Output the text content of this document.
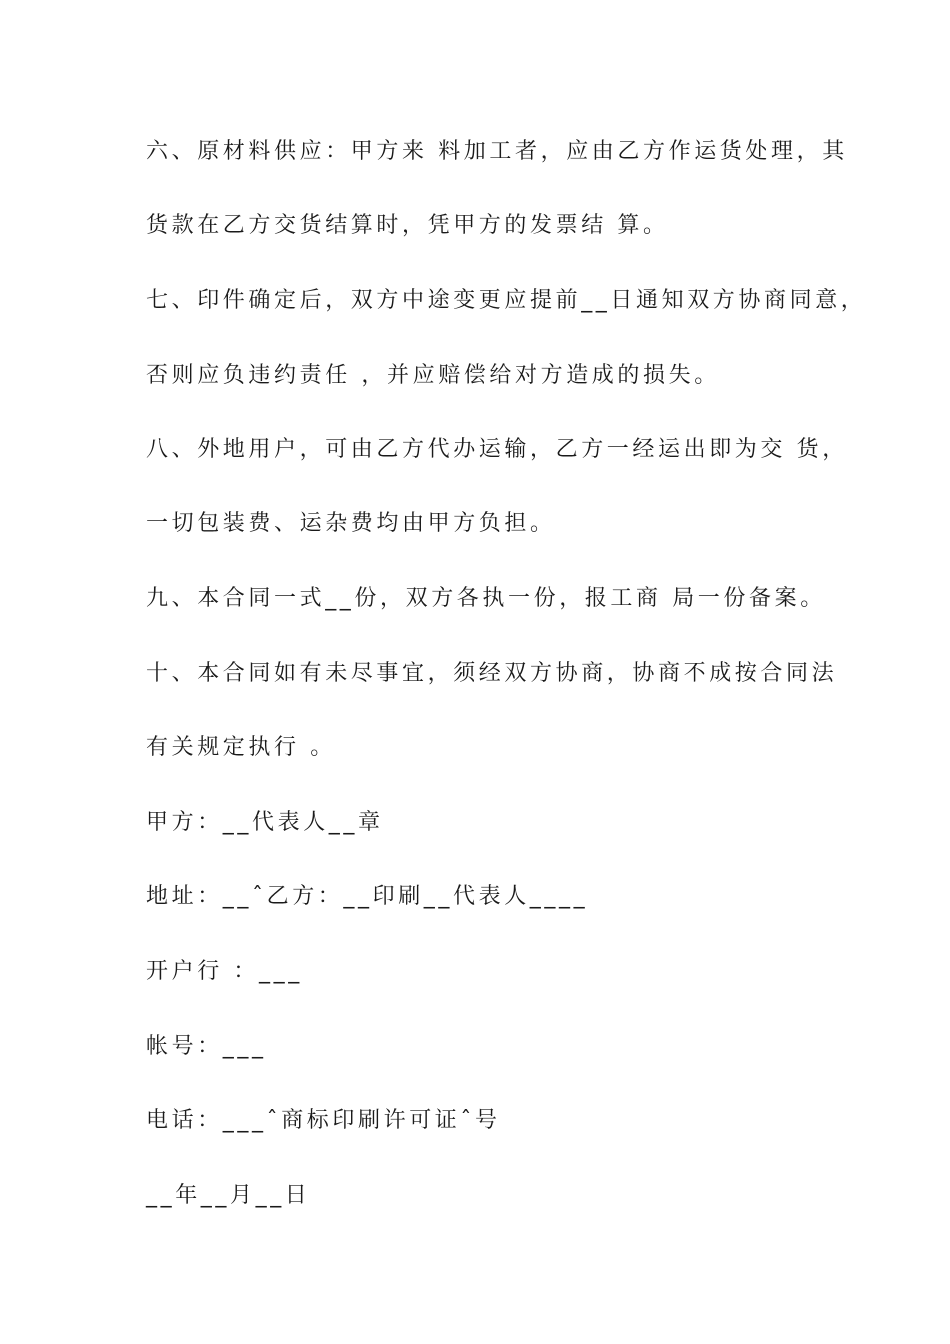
六、原材料供应：甲方来 料加工者，应由乙方作运货处理，其

货款在乙方交货结算时，凭甲方的发票结 算。

七、印件确定后，双方中途变更应提前__日通知双方协商同意，

否则应负违约责任 ，并应赔偿给对方造成的损失。

八、外地用户，可由乙方代办运输，乙方一经运出即为交 货，

一切包装费、运杂费均由甲方负担。

九、本合同一式__份，双方各执一份，报工商 局一份备案。

十、本合同如有未尽事宜，须经双方协商，协商不成按合同法

有关规定执行 。

甲方：__代表人__章

地址：__ˆ乙方：__印刷__代表人____

开户行 ：___

帐号：___

电话：___ˆ商标印刷许可证ˆ号

__年__月__日
